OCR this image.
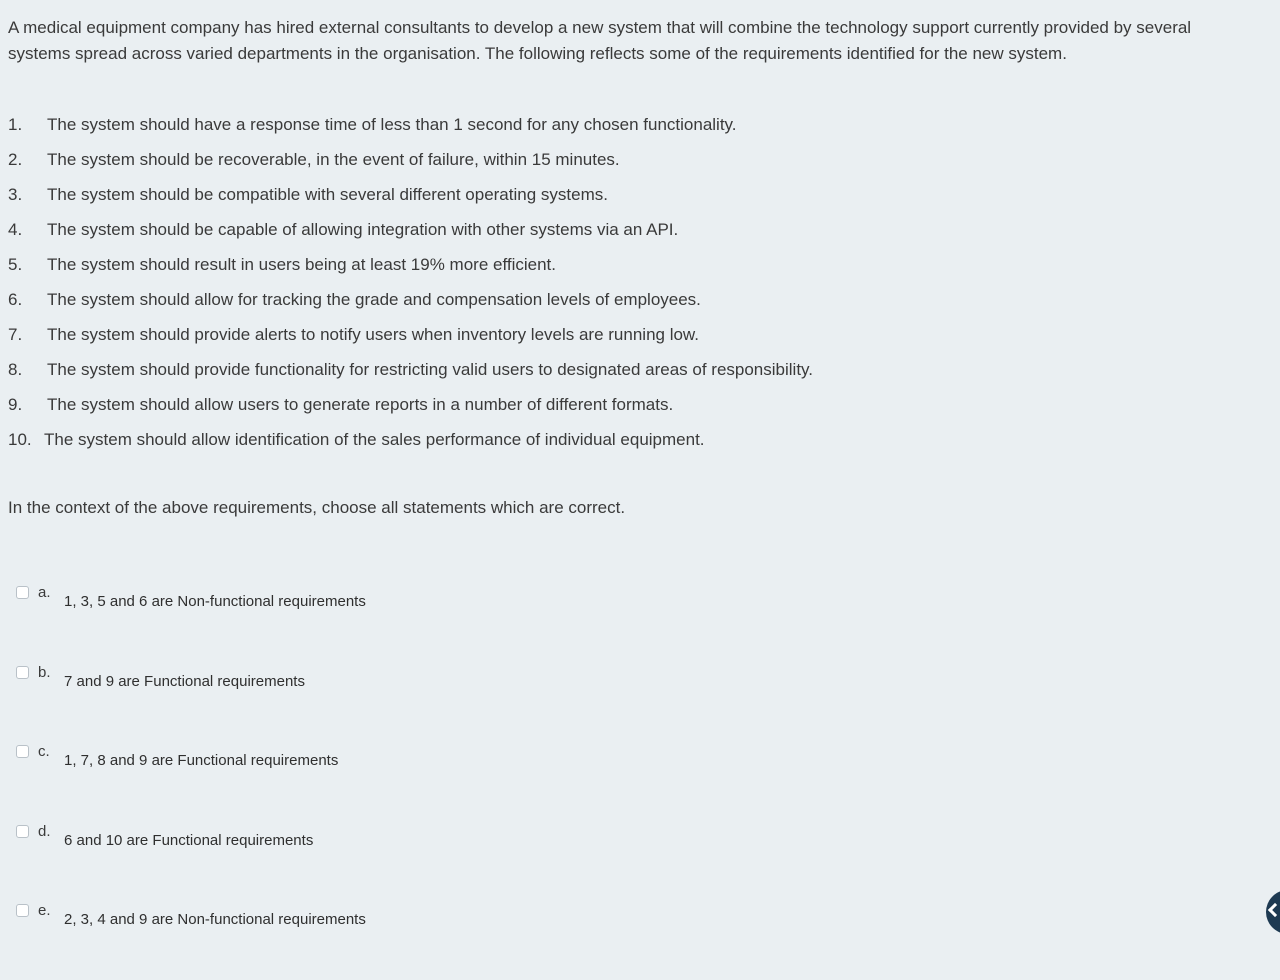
A medical equipment company has hired external consultants to develop a new system that will combine the technology support currently provided by several systems spread across varied departments in the organisation. The following reflects some of the requirements identified for the new system.

1.	The system should have a response time of less than 1 second for any chosen functionality.
2.	The system should be recoverable, in the event of failure, within 15 minutes.
3.	The system should be compatible with several different operating systems.
4.	The system should be capable of allowing integration with other systems via an API.
5.	The system should result in users being at least 19% more efficient.
6.	The system should allow for tracking the grade and compensation levels of employees.
7.	The system should provide alerts to notify users when inventory levels are running low.
8.	The system should provide functionality for restricting valid users to designated areas of responsibility.
9.	The system should allow users to generate reports in a number of different formats.
10. The system should allow identification of the sales performance of individual equipment.

In the context of the above requirements, choose all statements which are correct.

a.
1, 3, 5 and 6 are Non-functional requirements
b.
7 and 9 are Functional requirements
c.
1, 7, 8 and 9 are Functional requirements
d.
6 and 10 are Functional requirements
e.
2, 3, 4 and 9 are Non-functional requirements
